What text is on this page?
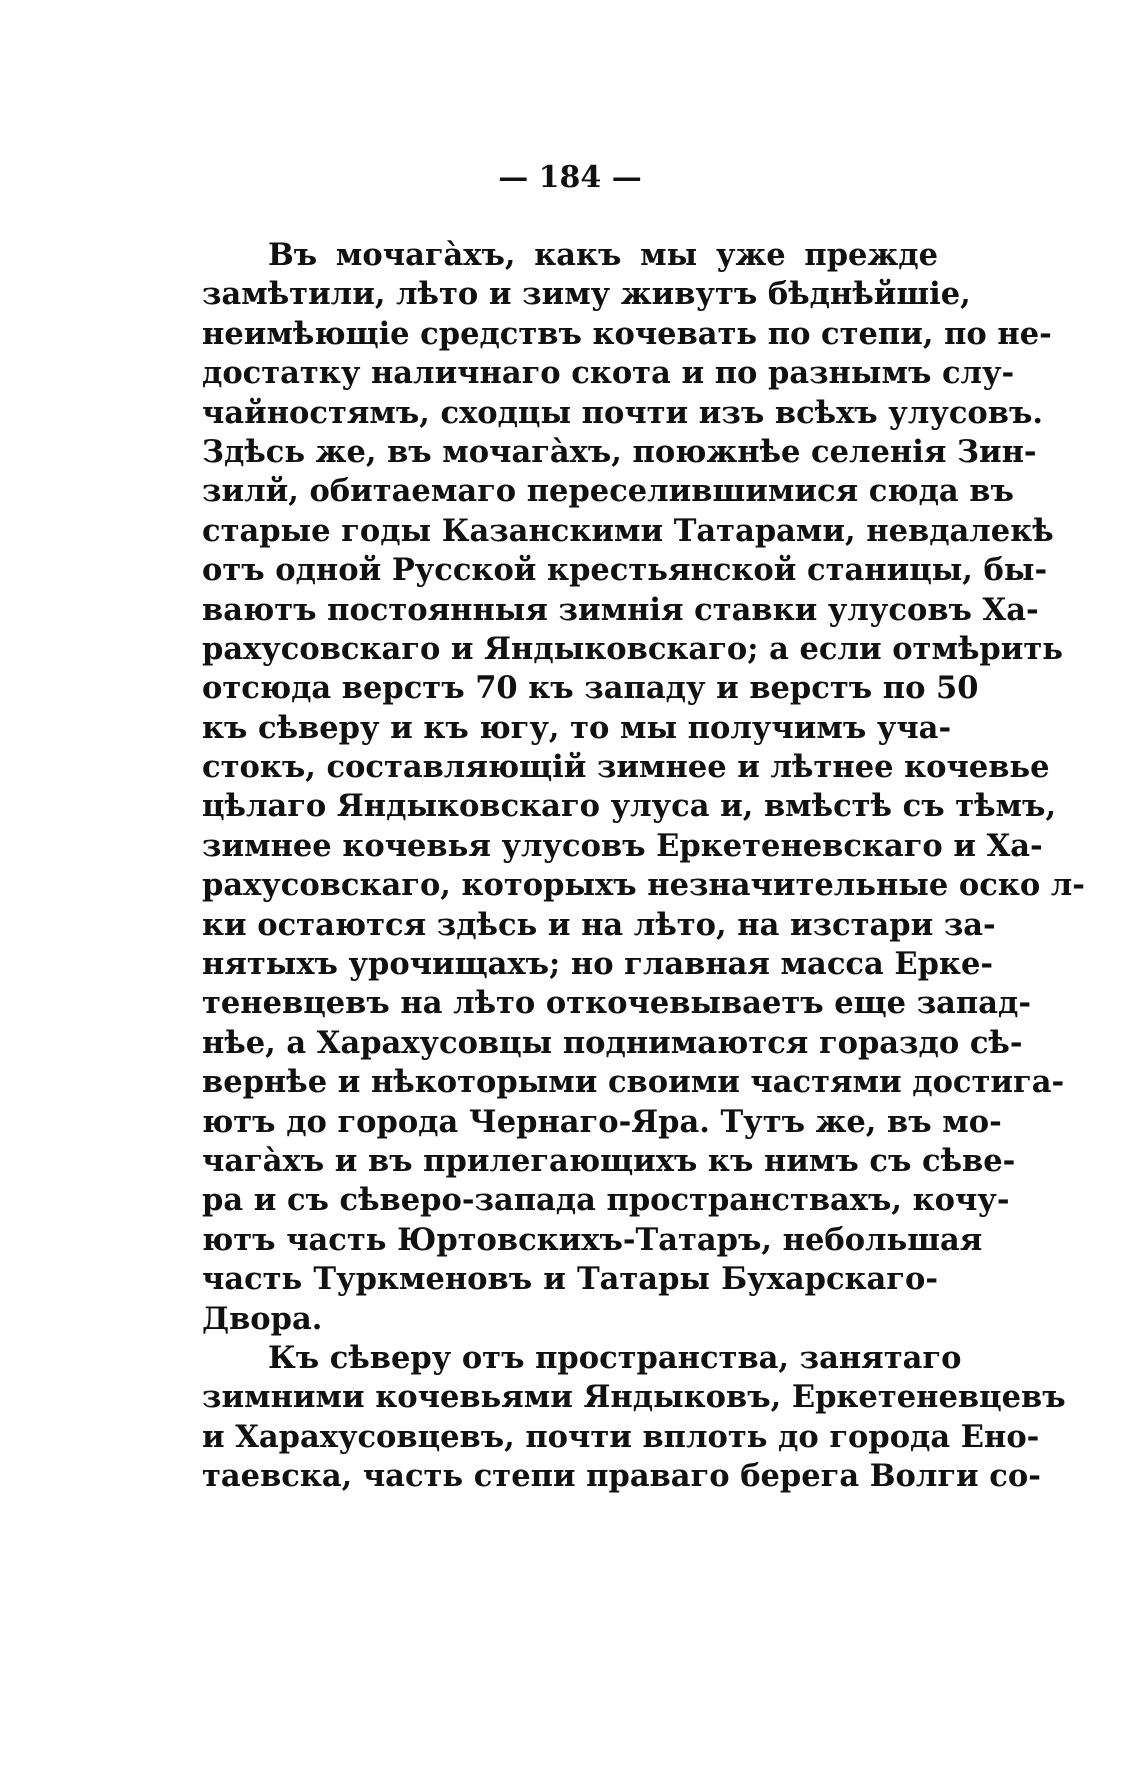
— 184 —
Въ мочагàхъ, какъ мы уже прежде
замѣтили, лѣто и зиму живутъ бѣднѣйшіе,
неимѣющіе средствъ кочевать по степи, по не-
достатку наличнаго скота и по разнымъ слу-
чайностямъ, сходцы почти изъ всѣхъ улусовъ.
Здѣсь же, въ мочагàхъ, поюжнѣе селенія Зин-
зилй, обитаемаго переселившимися сюда въ
старые годы Казанскими Татарами, невдалекѣ
отъ одной Русской крестьянской станицы, бы-
ваютъ постоянныя зимнія ставки улусовъ Ха-
рахусовскаго и Яндыковскаго; а если отмѣрить
отсюда верстъ 70 къ западу и верстъ по 50
къ сѣверу и къ югу, то мы получимъ уча-
стокъ, составляющій зимнее и лѣтнее кочевье
цѣлаго Яндыковскаго улуса и, вмѣстѣ съ тѣмъ,
зимнее кочевья улусовъ Еркетеневскаго и Ха-
рахусовскаго, которыхъ незначительные оско л-
ки остаются здѣсь и на лѣто, на изстари за-
нятыхъ урочищахъ; но главная масса Ерке-
теневцевъ на лѣто откочевываетъ еще запад-
нѣе, а Харахусовцы поднимаются гораздо сѣ-
вернѣе и нѣкоторыми своими частями достига-
ютъ до города Чернаго-Яра. Тутъ же, въ мо-
чагàхъ и въ прилегающихъ къ нимъ съ сѣве-
ра и съ сѣверо-запада пространствахъ, кочу-
ютъ часть Юртовскихъ-Татаръ, небольшая
часть Туркменовъ и Татары Бухарскаго-
Двора.
Къ сѣверу отъ пространства, занятаго
зимними кочевьями Яндыковъ, Еркетеневцевъ
и Харахусовцевъ, почти вплоть до города Ено-
таевска, часть степи праваго берега Волги со-
